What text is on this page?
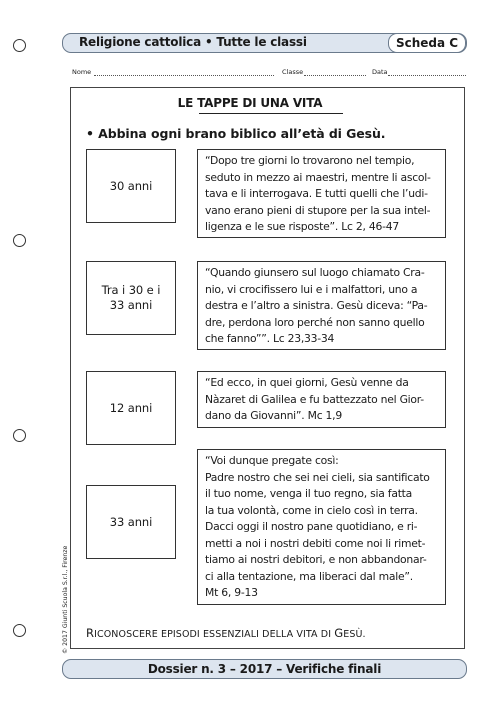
Religione cattolica • Tutte le classi	Scheda C
Nome	Classe	Data
LE TAPPE DI UNA VITA
• Abbina ogni brano biblico all’età di Gesù.
30 anni
“Dopo tre giorni lo trovarono nel tempio,
seduto in mezzo ai maestri, mentre li ascol-
tava e li interrogava. E tutti quelli che l’udi-
vano erano pieni di stupore per la sua intel-
ligenza e le sue risposte”. Lc 2, 46-47
Tra i 30 e i
33 anni
“Quando giunsero sul luogo chiamato Cra-
nio, vi crocifissero lui e i malfattori, uno a
destra e l’altro a sinistra. Gesù diceva: “Pa-
dre, perdona loro perché non sanno quello
che fanno””. Lc 23,33-34
12 anni
“Ed ecco, in quei giorni, Gesù venne da
Nàzaret di Galilea e fu battezzato nel Gior-
dano da Giovanni”. Mc 1,9
33 anni
“Voi dunque pregate così:
Padre nostro che sei nei cieli, sia santificato
il tuo nome, venga il tuo regno, sia fatta
la tua volontà, come in cielo così in terra.
Dacci oggi il nostro pane quotidiano, e ri-
metti a noi i nostri debiti come noi li rimet-
tiamo ai nostri debitori, e non abbandonar-
ci alla tentazione, ma liberaci dal male”.
Mt 6, 9-13
RICONOSCERE EPISODI ESSENZIALI DELLA VITA DI GESÙ.
© 2017 Giunti Scuola S.r.l., Firenze
Dossier n. 3 – 2017 – Verifiche finali
